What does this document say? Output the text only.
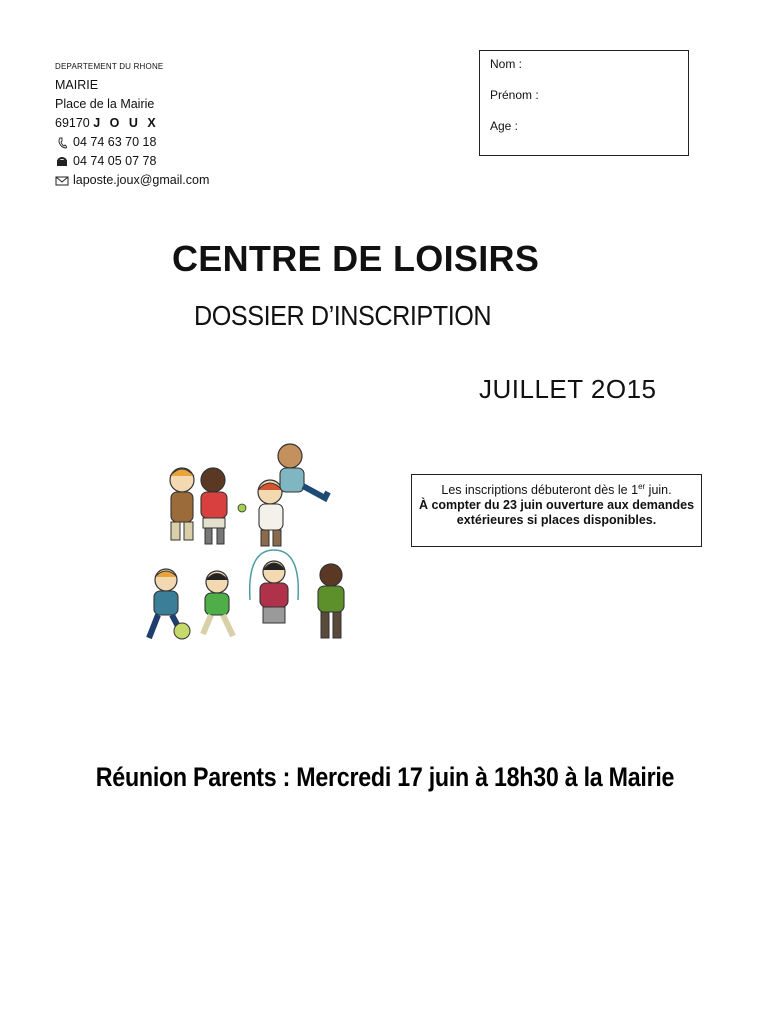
DEPARTEMENT DU RHONE
MAIRIE
Place de la Mairie
69170 J O U X
04 74 63 70 18
04 74 05 07 78
laposte.joux@gmail.com
Nom :
Prénom :
Age :
CENTRE DE LOISIRS
DOSSIER D’INSCRIPTION
JUILLET 2O15
Les inscriptions débuteront dès le 1er juin.
À compter du 23 juin ouverture aux demandes extérieures si places disponibles.
Réunion Parents : Mercredi 17 juin à 18h30 à la Mairie
